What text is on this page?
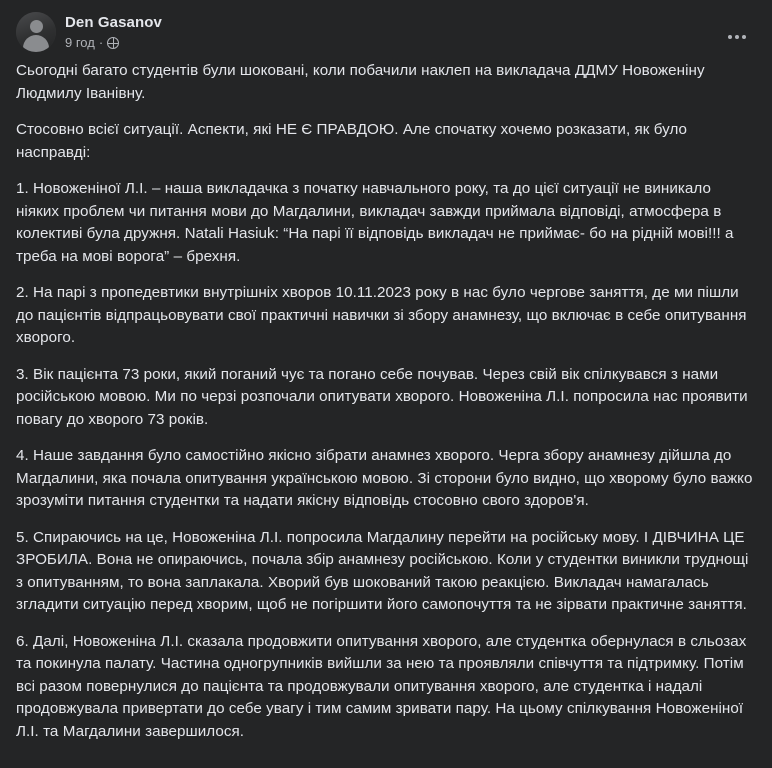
Den Gasanov
9 год ·

Сьогодні багато студентів були шоковані, коли побачили наклеп на викладача ДДМУ Новоженіну Людмилу Іванівну.

Стосовно всієї ситуації. Аспекти, які НЕ Є ПРАВДОЮ. Але спочатку хочемо розказати, як було насправді:

1. Новоженіної Л.І. – наша викладачка з початку навчального року, та до цієї ситуації не виникало ніяких проблем чи питання мови до Магдалини, викладач завжди приймала відповіді, атмосфера в колективі була дружня. Natali Hasiuk: “На парі її відповідь викладач не приймає- бо на рідній мові!!! а треба на мові ворога” – брехня.

2. На парі з пропедевтики внутрішніх хворов 10.11.2023 року в нас було чергове заняття, де ми пішли до пацієнтів відпрацьовувати свої практичні навички зі збору анамнезу, що включає в себе опитування хворого.

3. Вік пацієнта 73 роки, який поганий чує та погано себе почував. Через свій вік спілкувався з нами російською мовою. Ми по черзі розпочали опитувати хворого. Новоженіна Л.І. попросила нас проявити повагу до хворого 73 років.

4. Наше завдання було самостійно якісно зібрати анамнез хворого. Черга збору анамнезу дійшла до Магдалини, яка почала опитування українською мовою. Зі сторони було видно, що хворому було важко зрозуміти питання студентки та надати якісну відповідь стосовно свого здоров'я.

5. Спираючись на це, Новоженіна Л.І. попросила Магдалину перейти на російську мову. І ДІВЧИНА ЦЕ ЗРОБИЛА. Вона не опираючись, почала збір анамнезу російською. Коли у студентки виникли труднощі з опитуванням, то вона заплакала. Хворий був шокований такою реакцією. Викладач намагалась згладити ситуацію перед хворим, щоб не погіршити його самопочуття та не зірвати практичне заняття.

6. Далі, Новоженіна Л.І. сказала продовжити опитування хворого, але студентка обернулася в сльозах та покинула палату. Частина одногрупників вийшли за нею та проявляли співчуття та підтримку. Потім всі разом повернулися до пацієнта та продовжували опитування хворого, але студентка і надалі продовжувала привертати до себе увагу і тим самим зривати пару. На цьому спілкування Новоженіної Л.І. та Магдалини завершилося.
